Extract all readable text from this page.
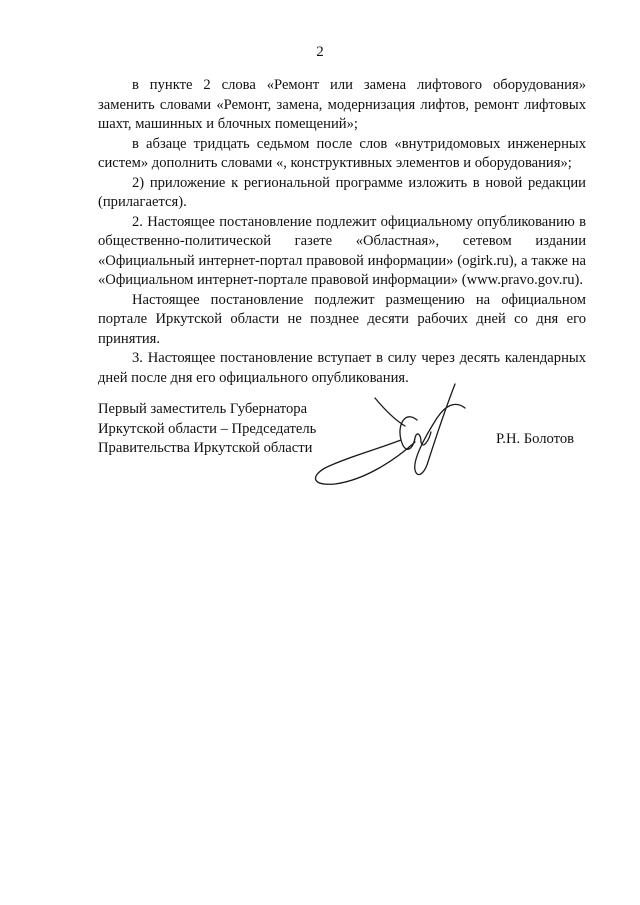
2

в пункте 2 слова «Ремонт или замена лифтового оборудования» заменить словами «Ремонт, замена, модернизация лифтов, ремонт лифтовых шахт, машинных и блочных помещений»;

в абзаце тридцать седьмом после слов «внутридомовых инженерных систем» дополнить словами «, конструктивных элементов и оборудования»;

2) приложение к региональной программе изложить в новой редакции (прилагается).

2. Настоящее постановление подлежит официальному опубликованию в общественно-политической газете «Областная», сетевом издании «Официальный интернет-портал правовой информации» (ogirk.ru), а также на «Официальном интернет-портале правовой информации» (www.pravo.gov.ru).

Настоящее постановление подлежит размещению на официальном портале Иркутской области не позднее десяти рабочих дней со дня его принятия.

3. Настоящее постановление вступает в силу через десять календарных дней после дня его официального опубликования.

Первый заместитель Губернатора
Иркутской области – Председатель
Правительства Иркутской области
Р.Н. Болотов
